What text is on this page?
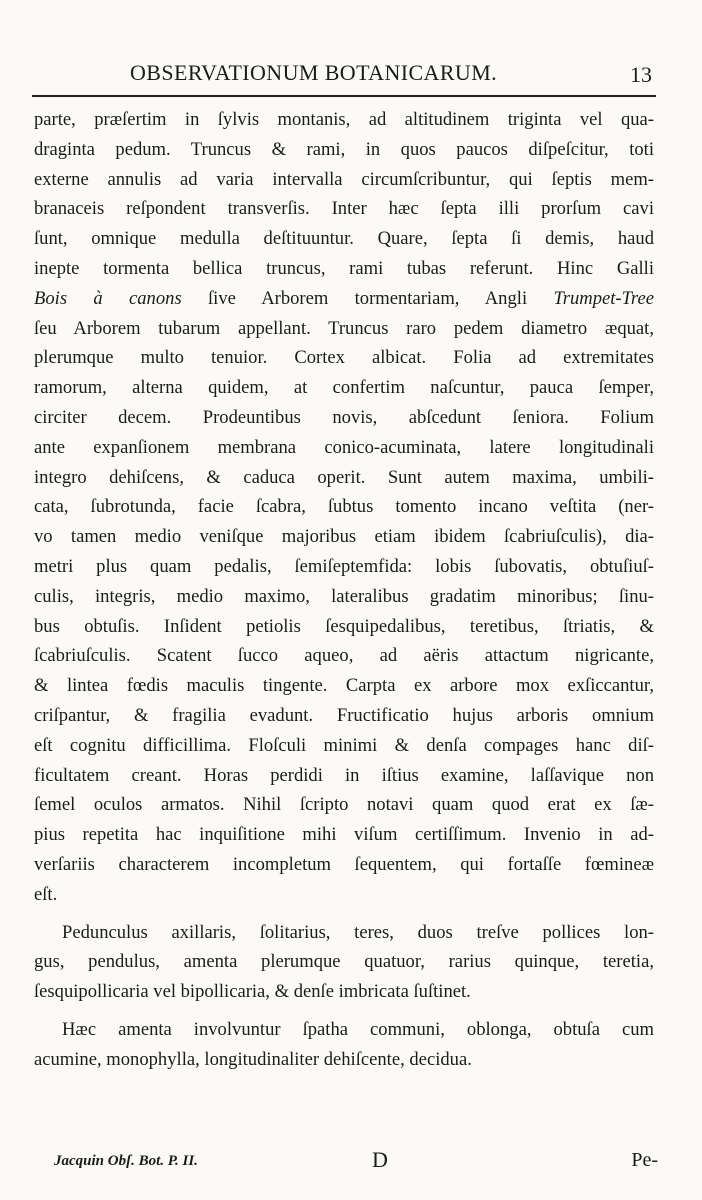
OBSERVATIONUM BOTANICARUM.	13
parte, præſertim in ſylvis montanis, ad altitudinem triginta vel qua-
draginta pedum. Truncus & rami, in quos paucos diſpeſcitur, toti
externe annulis ad varia intervalla circumſcribuntur, qui ſeptis mem-
branaceis reſpondent transverſis. Inter hæc ſepta illi prorſum cavi
ſunt, omnique medulla deſtituuntur. Quare, ſepta ſi demis, haud
inepte tormenta bellica truncus, rami tubas referunt. Hinc Galli
Bois à canons ſive Arborem tormentariam, Angli Trumpet-Tree
ſeu Arborem tubarum appellant. Truncus raro pedem diametro æquat,
plerumque multo tenuior. Cortex albicat. Folia ad extremitates
ramorum, alterna quidem, at confertim naſcuntur, pauca ſemper,
circiter decem. Prodeuntibus novis, abſcedunt ſeniora. Folium
ante expanſionem membrana conico-acuminata, latere longitudinali
integro dehiſcens, & caduca operit. Sunt autem maxima, umbili-
cata, ſubrotunda, facie ſcabra, ſubtus tomento incano veſtita (ner-
vo tamen medio veniſque majoribus etiam ibidem ſcabriuſculis), dia-
metri plus quam pedalis, ſemiſeptemfida: lobis ſubovatis, obtuſiuſ-
culis, integris, medio maximo, lateralibus gradatim minoribus; ſinu-
bus obtuſis. Inſident petiolis ſesquipedalibus, teretibus, ſtriatis, &
ſcabriuſculis. Scatent ſucco aqueo, ad aëris attactum nigricante,
& lintea fœdis maculis tingente. Carpta ex arbore mox exſiccantur,
criſpantur, & fragilia evadunt. Fructificatio hujus arboris omnium
eſt cognitu difficillima. Floſculi minimi & denſa compages hanc diſ-
ficultatem creant. Horas perdidi in iſtius examine, laſſavique non
ſemel oculos armatos. Nihil ſcripto notavi quam quod erat ex ſæ-
pius repetita hac inquiſitione mihi viſum certiſſimum. Invenio in ad-
verſariis characterem incompletum ſequentem, qui fortaſſe fœmineæ
eſt.
Pedunculus axillaris, ſolitarius, teres, duos treſve pollices lon-
gus, pendulus, amenta plerumque quatuor, rarius quinque, teretia,
ſesquipollicaria vel bipollicaria, & denſe imbricata ſuſtinet.
Hæc amenta involvuntur ſpatha communi, oblonga, obtuſa cum
acumine, monophylla, longitudinaliter dehiſcente, decidua.
Jacquin Obſ. Bot. P. II.	D	Pe-
